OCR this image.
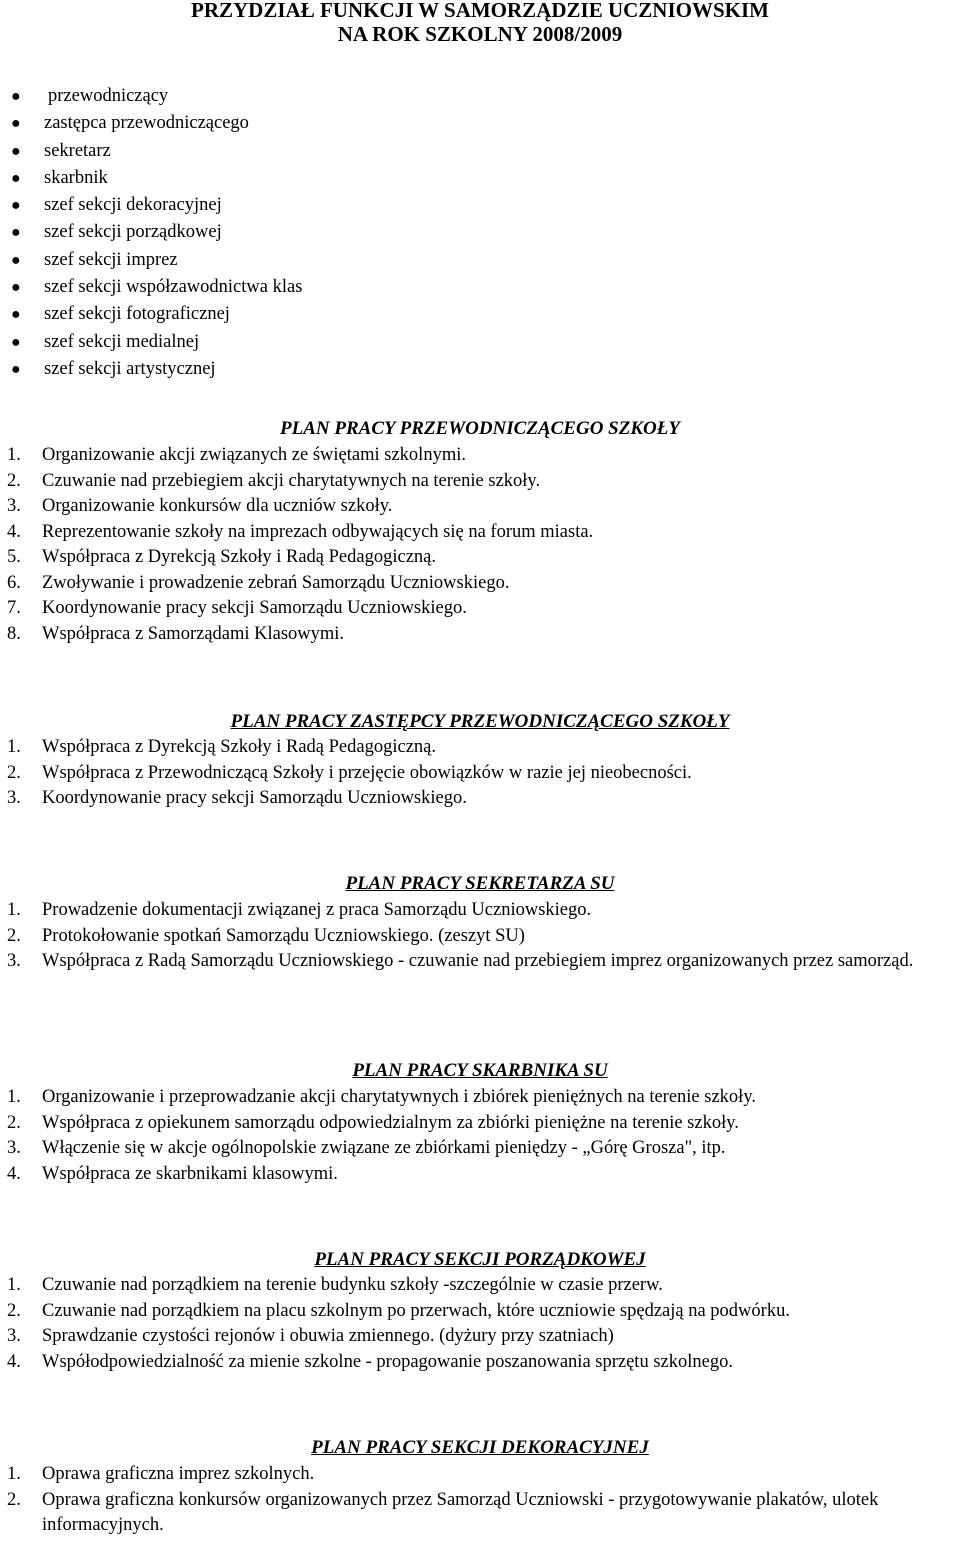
PRZYDZIAŁ FUNKCJI W SAMORZĄDZIE UCZNIOWSKIM
NA ROK SZKOLNY 2008/2009
● przewodniczący
● zastępca przewodniczącego
● sekretarz
● skarbnik
● szef sekcji dekoracyjnej
● szef sekcji porządkowej
● szef sekcji imprez
● szef sekcji współzawodnictwa klas
● szef sekcji fotograficznej
● szef sekcji medialnej
● szef sekcji artystycznej
PLAN PRACY PRZEWODNICZĄCEGO SZKOŁY
1. Organizowanie akcji związanych ze świętami szkolnymi.
2. Czuwanie nad przebiegiem akcji charytatywnych na terenie szkoły.
3. Organizowanie konkursów dla uczniów szkoły.
4. Reprezentowanie szkoły na imprezach odbywających się na forum miasta.
5. Współpraca z Dyrekcją Szkoły i Radą Pedagogiczną.
6. Zwoływanie i prowadzenie zebrań Samorządu Uczniowskiego.
7. Koordynowanie pracy sekcji Samorządu Uczniowskiego.
8. Współpraca z Samorządami Klasowymi.
PLAN PRACY ZASTĘPCY PRZEWODNICZĄCEGO SZKOŁY
1. Współpraca z Dyrekcją Szkoły i Radą Pedagogiczną.
2. Współpraca z Przewodniczącą Szkoły i przejęcie obowiązków w razie jej nieobecności.
3. Koordynowanie pracy sekcji Samorządu Uczniowskiego.
PLAN PRACY SEKRETARZA SU
1. Prowadzenie dokumentacji związanej z praca Samorządu Uczniowskiego.
2. Protokołowanie spotkań Samorządu Uczniowskiego. (zeszyt SU)
3. Współpraca z Radą Samorządu Uczniowskiego - czuwanie nad przebiegiem imprez organizowanych przez samorząd.
PLAN PRACY SKARBNIKA SU
1. Organizowanie i przeprowadzanie akcji charytatywnych i zbiórek pieniężnych na terenie szkoły.
2. Współpraca z opiekunem samorządu odpowiedzialnym za zbiórki pieniężne na terenie szkoły.
3. Włączenie się w akcje ogólnopolskie związane ze zbiórkami pieniędzy - „Górę Grosza", itp.
4. Współpraca ze skarbnikami klasowymi.
PLAN PRACY SEKCJI PORZĄDKOWEJ
1. Czuwanie nad porządkiem na terenie budynku szkoły -szczególnie w czasie przerw.
2. Czuwanie nad porządkiem na placu szkolnym po przerwach, które uczniowie spędzają na podwórku.
3. Sprawdzanie czystości rejonów i obuwia zmiennego. (dyżury przy szatniach)
4. Współodpowiedzialność za mienie szkolne - propagowanie poszanowania sprzętu szkolnego.
PLAN PRACY SEKCJI DEKORACYJNEJ
1. Oprawa graficzna imprez szkolnych.
2. Oprawa graficzna konkursów organizowanych przez Samorząd Uczniowski - przygotowywanie plakatów, ulotek informacyjnych.
